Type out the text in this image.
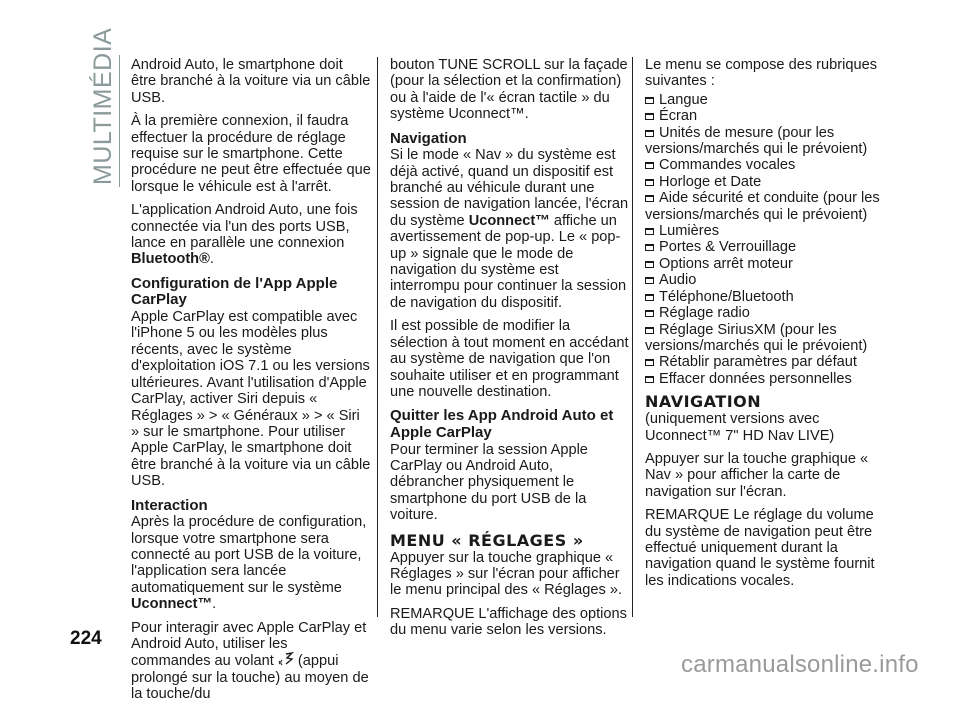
MULTIMÉDIA Android Auto, le smartphone doit être branché à la voiture via un câble USB.

À la première connexion, il faudra effectuer la procédure de réglage requise sur le smartphone. Cette procédure ne peut être effectuée que lorsque le véhicule est à l'arrêt.

L'application Android Auto, une fois connectée via l'un des ports USB, lance en parallèle une connexion Bluetooth®.

Configuration de l'App Apple CarPlay

Apple CarPlay est compatible avec l'iPhone 5 ou les modèles plus récents, avec le système d'exploitation iOS 7.1 ou les versions ultérieures. Avant l'utilisation d'Apple CarPlay, activer Siri depuis « Réglages » > « Généraux » > « Siri » sur le smartphone. Pour utiliser Apple CarPlay, le smartphone doit être branché à la voiture via un câble USB.

Interaction

Après la procédure de configuration, lorsque votre smartphone sera connecté au port USB de la voiture, l'application sera lancée automatiquement sur le système Uconnect™.

Pour interagir avec Apple CarPlay et Android Auto, utiliser les commandes au volant (appui prolongé sur la touche) au moyen de la touche/du

bouton TUNE SCROLL sur la façade (pour la sélection et la confirmation) ou à l'aide de l'« écran tactile » du système Uconnect™.

Navigation

Si le mode « Nav » du système est déjà activé, quand un dispositif est branché au véhicule durant une session de navigation lancée, l'écran du système Uconnect™ affiche un avertissement de pop-up. Le « pop-up » signale que le mode de navigation du système est interrompu pour continuer la session de navigation du dispositif.

Il est possible de modifier la sélection à tout moment en accédant au système de navigation que l'on souhaite utiliser et en programmant une nouvelle destination.

Quitter les App Android Auto et Apple CarPlay

Pour terminer la session Apple CarPlay ou Android Auto, débrancher physiquement le smartphone du port USB de la voiture.

MENU « RÉGLAGES »

Appuyer sur la touche graphique « Réglages » sur l'écran pour afficher le menu principal des « Réglages ».

REMARQUE L'affichage des options du menu varie selon les versions.

Le menu se compose des rubriques suivantes :

Langue
Écran
Unités de mesure (pour les versions/marchés qui le prévoient)
Commandes vocales
Horloge et Date
Aide sécurité et conduite (pour les versions/marchés qui le prévoient)
Lumières
Portes & Verrouillage
Options arrêt moteur
Audio
Téléphone/Bluetooth
Réglage radio
Réglage SiriusXM (pour les versions/marchés qui le prévoient)
Rétablir paramètres par défaut
Effacer données personnelles
NAVIGATION

(uniquement versions avec Uconnect™ 7" HD Nav LIVE)

Appuyer sur la touche graphique « Nav » pour afficher la carte de navigation sur l'écran.

REMARQUE Le réglage du volume du système de navigation peut être effectué uniquement durant la navigation quand le système fournit les indications vocales.

224
carmanualsonline.info
